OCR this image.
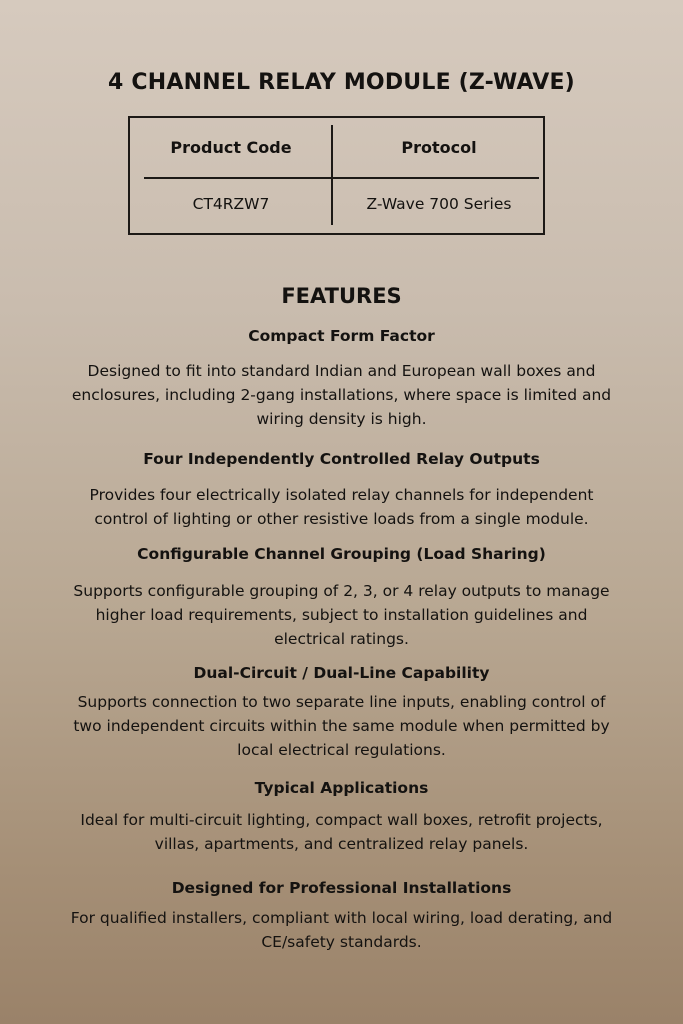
4 CHANNEL RELAY MODULE (Z-WAVE)
Product Code	Protocol
CT4RZW7	Z-Wave 700 Series
FEATURES
Compact Form Factor
Designed to fit into standard Indian and European wall boxes and enclosures, including 2-gang installations, where space is limited and wiring density is high.
Four Independently Controlled Relay Outputs
Provides four electrically isolated relay channels for independent control of lighting or other resistive loads from a single module.
Configurable Channel Grouping (Load Sharing)
Supports configurable grouping of 2, 3, or 4 relay outputs to manage higher load requirements, subject to installation guidelines and electrical ratings.
Dual-Circuit / Dual-Line Capability
Supports connection to two separate line inputs, enabling control of two independent circuits within the same module when permitted by local electrical regulations.
Typical Applications
Ideal for multi-circuit lighting, compact wall boxes, retrofit projects, villas, apartments, and centralized relay panels.
Designed for Professional Installations
For qualified installers, compliant with local wiring, load derating, and CE/safety standards.
